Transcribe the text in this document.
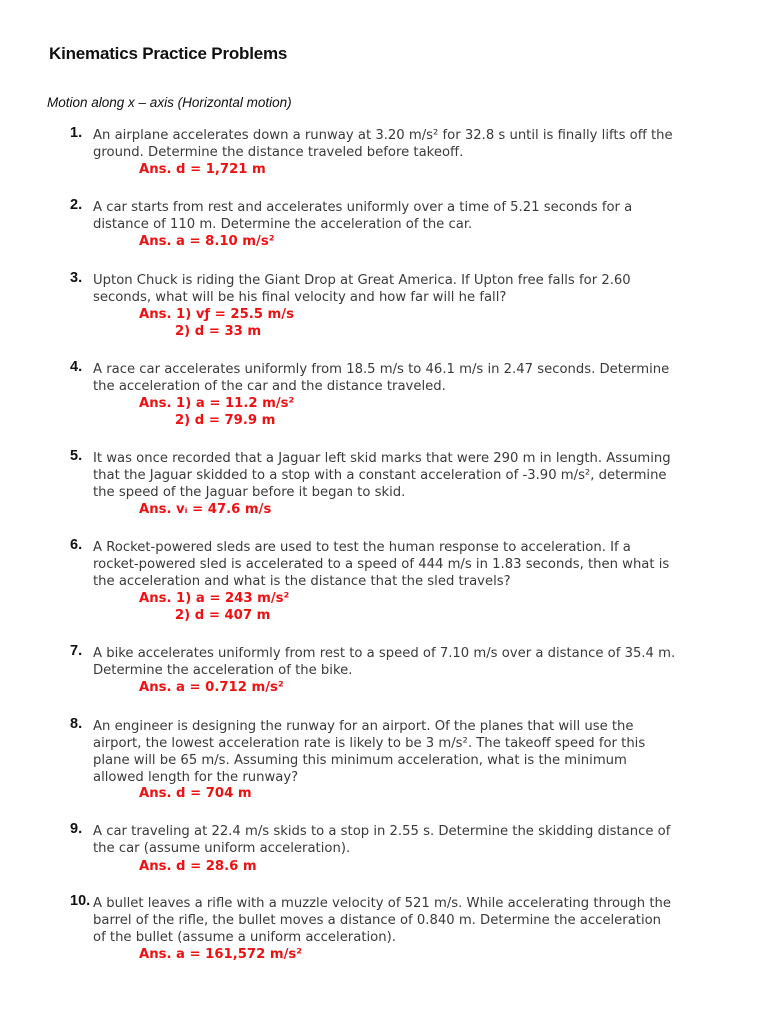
Kinematics Practice Problems
Motion along x – axis (Horizontal motion)
1. An airplane accelerates down a runway at 3.20 m/s² for 32.8 s until is finally lifts off the
ground. Determine the distance traveled before takeoff.
Ans. d = 1,721 m
2. A car starts from rest and accelerates uniformly over a time of 5.21 seconds for a
distance of 110 m. Determine the acceleration of the car.
Ans. a = 8.10 m/s²
3. Upton Chuck is riding the Giant Drop at Great America. If Upton free falls for 2.60
seconds, what will be his final velocity and how far will he fall?
Ans. 1) vƒ = 25.5 m/s
2) d = 33 m
4. A race car accelerates uniformly from 18.5 m/s to 46.1 m/s in 2.47 seconds. Determine
the acceleration of the car and the distance traveled.
Ans. 1) a = 11.2 m/s²
2) d = 79.9 m
5. It was once recorded that a Jaguar left skid marks that were 290 m in length. Assuming
that the Jaguar skidded to a stop with a constant acceleration of -3.90 m/s², determine
the speed of the Jaguar before it began to skid.
Ans. vᵢ = 47.6 m/s
6. A Rocket-powered sleds are used to test the human response to acceleration. If a
rocket-powered sled is accelerated to a speed of 444 m/s in 1.83 seconds, then what is
the acceleration and what is the distance that the sled travels?
Ans. 1) a = 243 m/s²
2) d = 407 m
7. A bike accelerates uniformly from rest to a speed of 7.10 m/s over a distance of 35.4 m.
Determine the acceleration of the bike.
Ans. a = 0.712 m/s²
8. An engineer is designing the runway for an airport. Of the planes that will use the
airport, the lowest acceleration rate is likely to be 3 m/s². The takeoff speed for this
plane will be 65 m/s. Assuming this minimum acceleration, what is the minimum
allowed length for the runway?
Ans. d = 704 m
9. A car traveling at 22.4 m/s skids to a stop in 2.55 s. Determine the skidding distance of
the car (assume uniform acceleration).
Ans. d = 28.6 m
10. A bullet leaves a rifle with a muzzle velocity of 521 m/s. While accelerating through the
barrel of the rifle, the bullet moves a distance of 0.840 m. Determine the acceleration
of the bullet (assume a uniform acceleration).
Ans. a = 161,572 m/s²
